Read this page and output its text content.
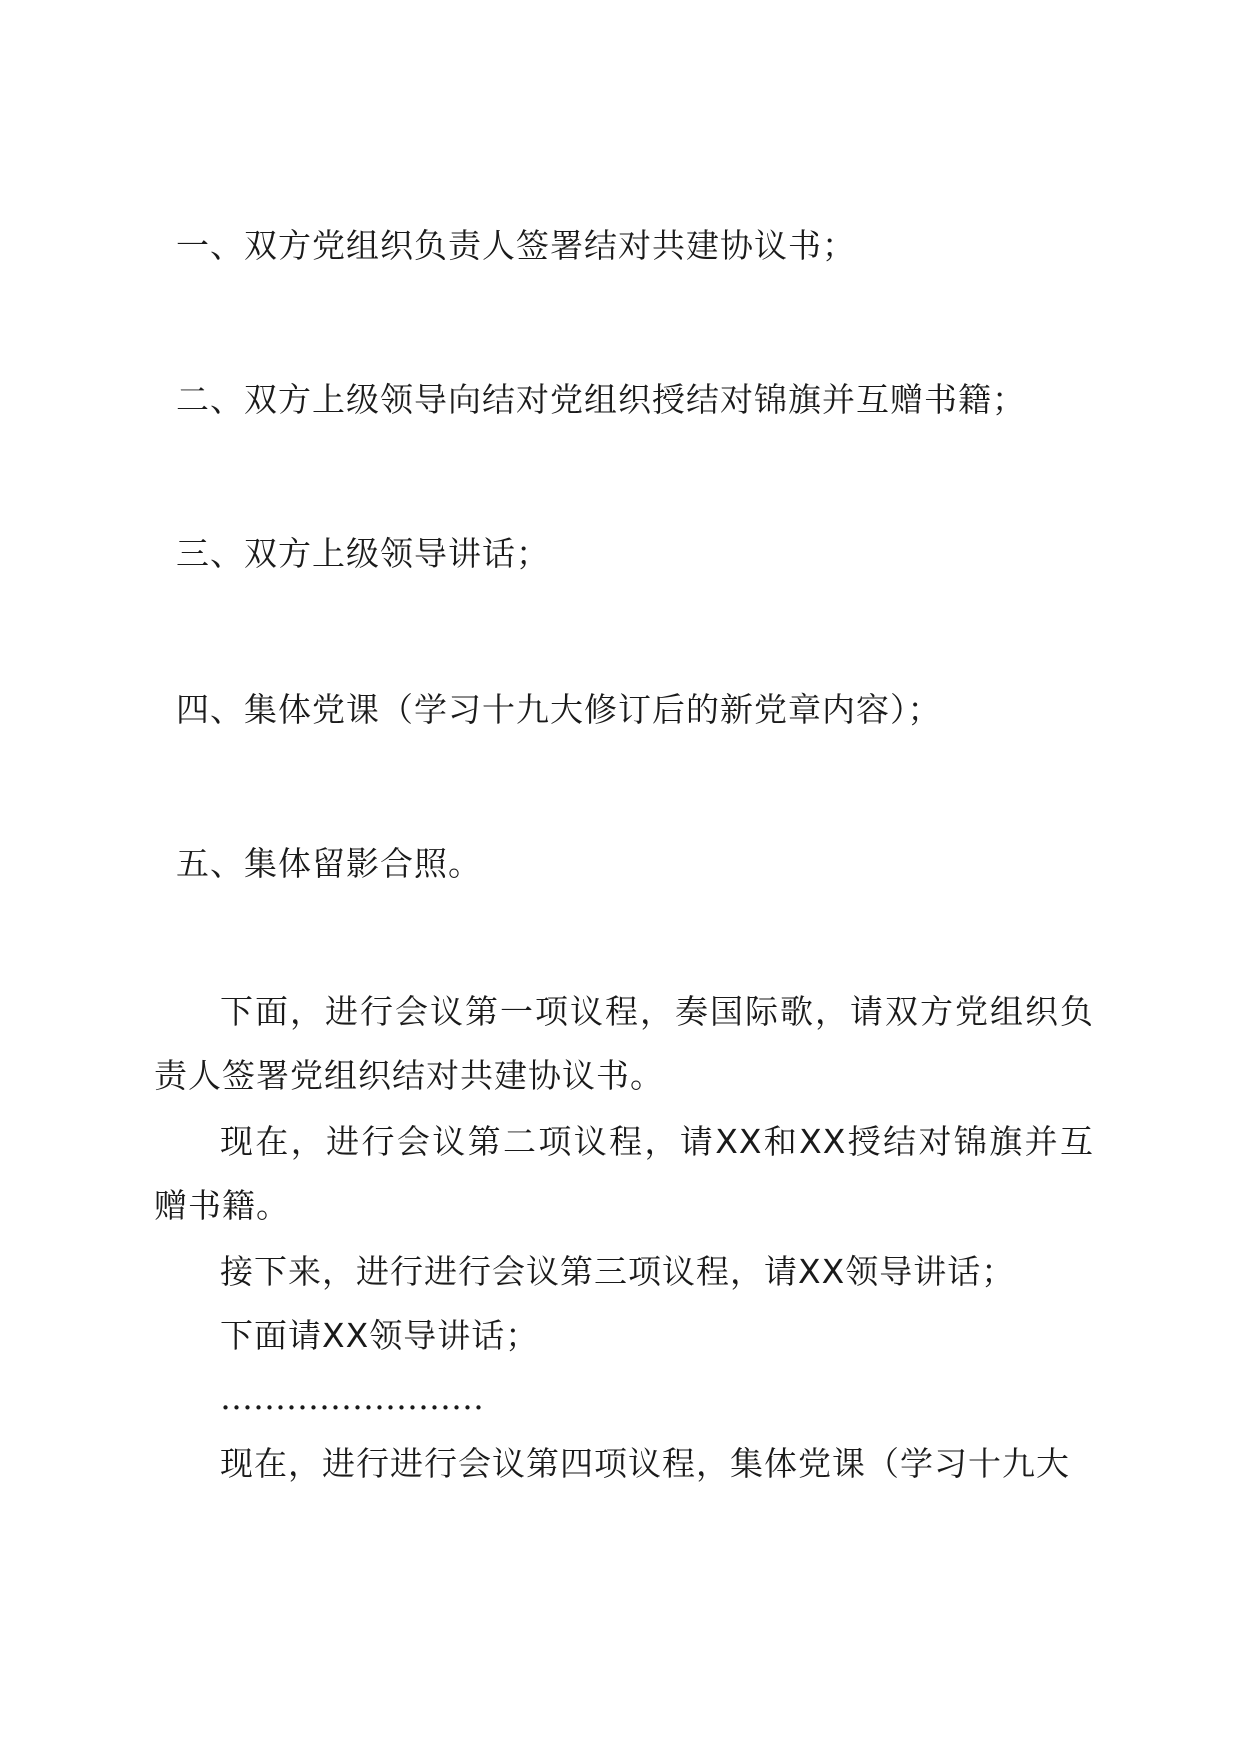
一、双方党组织负责人签署结对共建协议书；

二、双方上级领导向结对党组织授结对锦旗并互赠书籍；

三、双方上级领导讲话；

四、集体党课（学习十九大修订后的新党章内容）；

五、集体留影合照。

下面，进行会议第一项议程，奏国际歌，请双方党组织负责人签署党组织结对共建协议书。

现在，进行会议第二项议程，请XX和XX授结对锦旗并互赠书籍。

接下来，进行进行会议第三项议程，请XX领导讲话；

下面请XX领导讲话；

……………………

现在，进行进行会议第四项议程，集体党课（学习十九大
